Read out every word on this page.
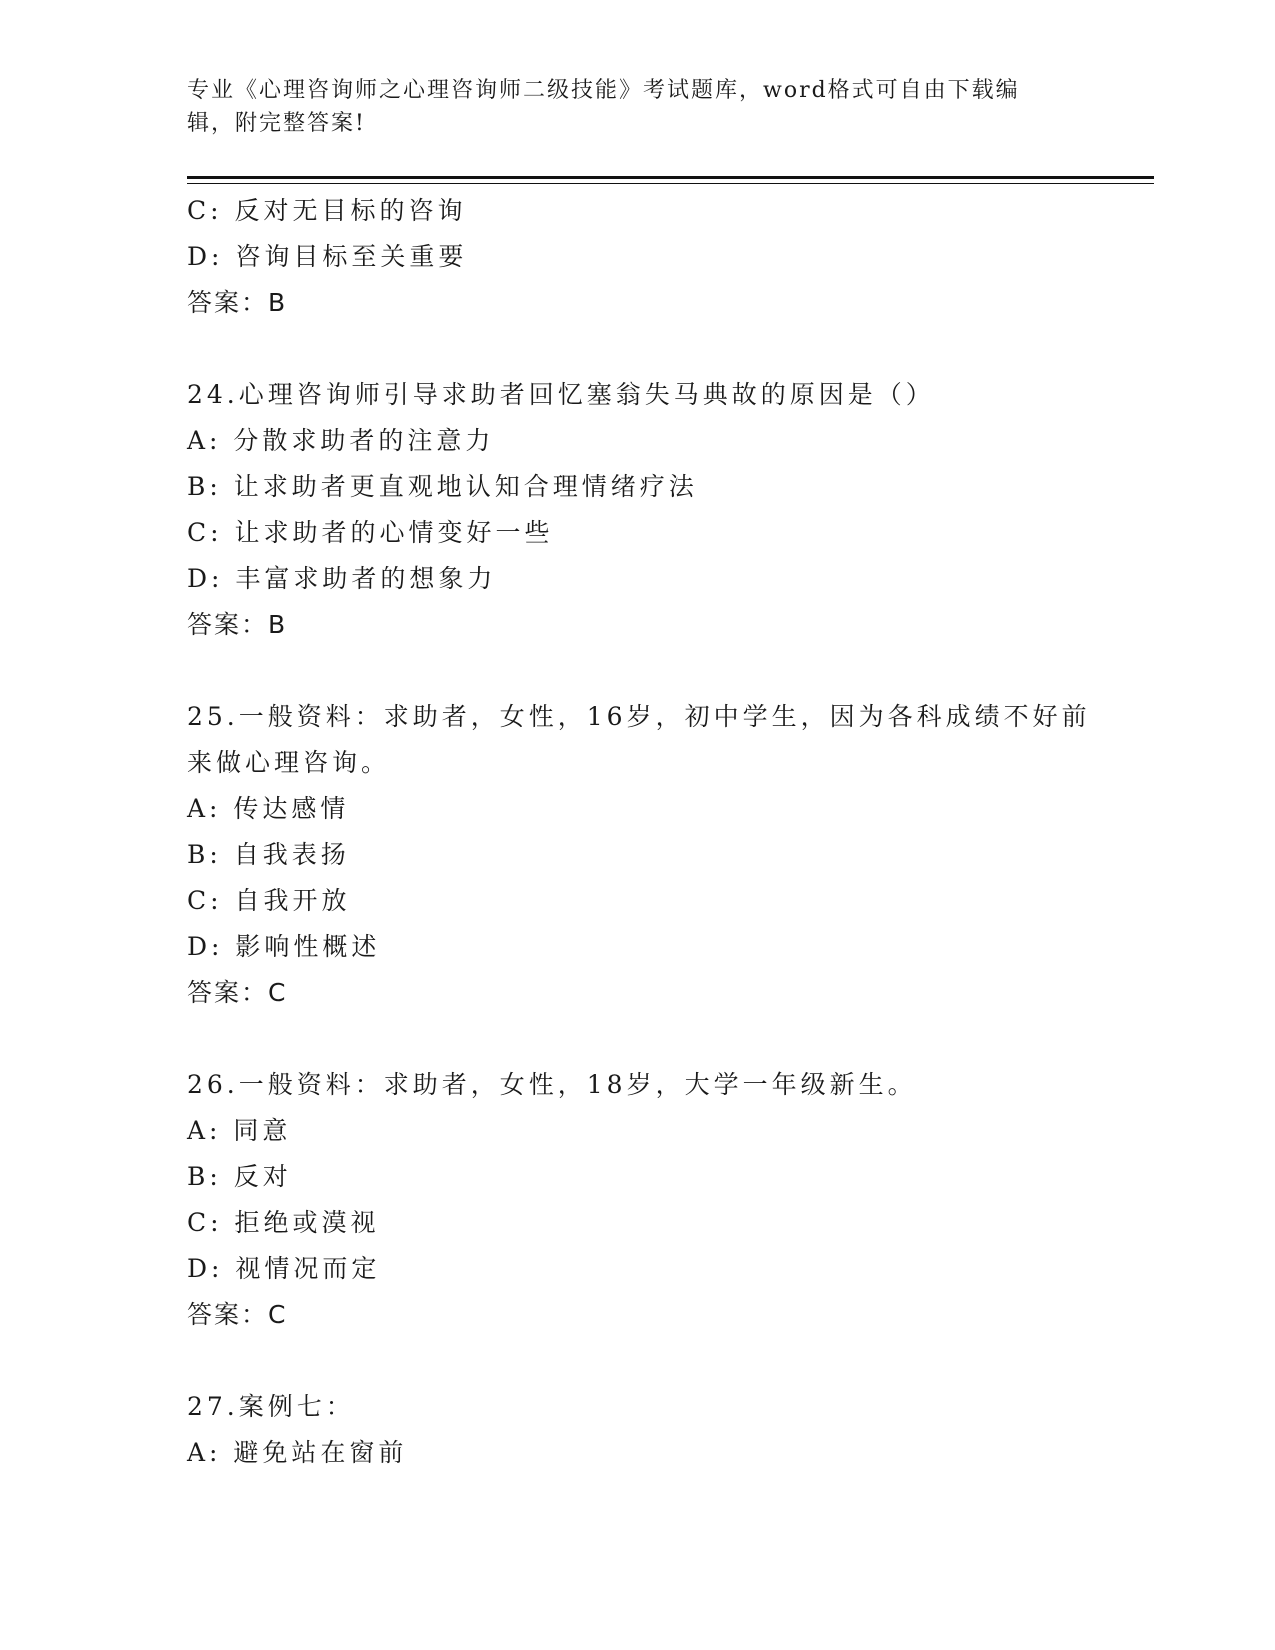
专业《心理咨询师之心理咨询师二级技能》考试题库，word格式可自由下载编辑，附完整答案!
C: 反对无目标的咨询
D: 咨询目标至关重要
答案：B
24.心理咨询师引导求助者回忆塞翁失马典故的原因是（）
A: 分散求助者的注意力
B: 让求助者更直观地认知合理情绪疗法
C: 让求助者的心情变好一些
D: 丰富求助者的想象力
答案：B
25.一般资料：求助者，女性，16岁，初中学生，因为各科成绩不好前
来做心理咨询。
A: 传达感情
B: 自我表扬
C: 自我开放
D: 影响性概述
答案：C
26.一般资料：求助者，女性，18岁，大学一年级新生。
A: 同意
B: 反对
C: 拒绝或漠视
D: 视情况而定
答案：C
27.案例七：
A: 避免站在窗前
